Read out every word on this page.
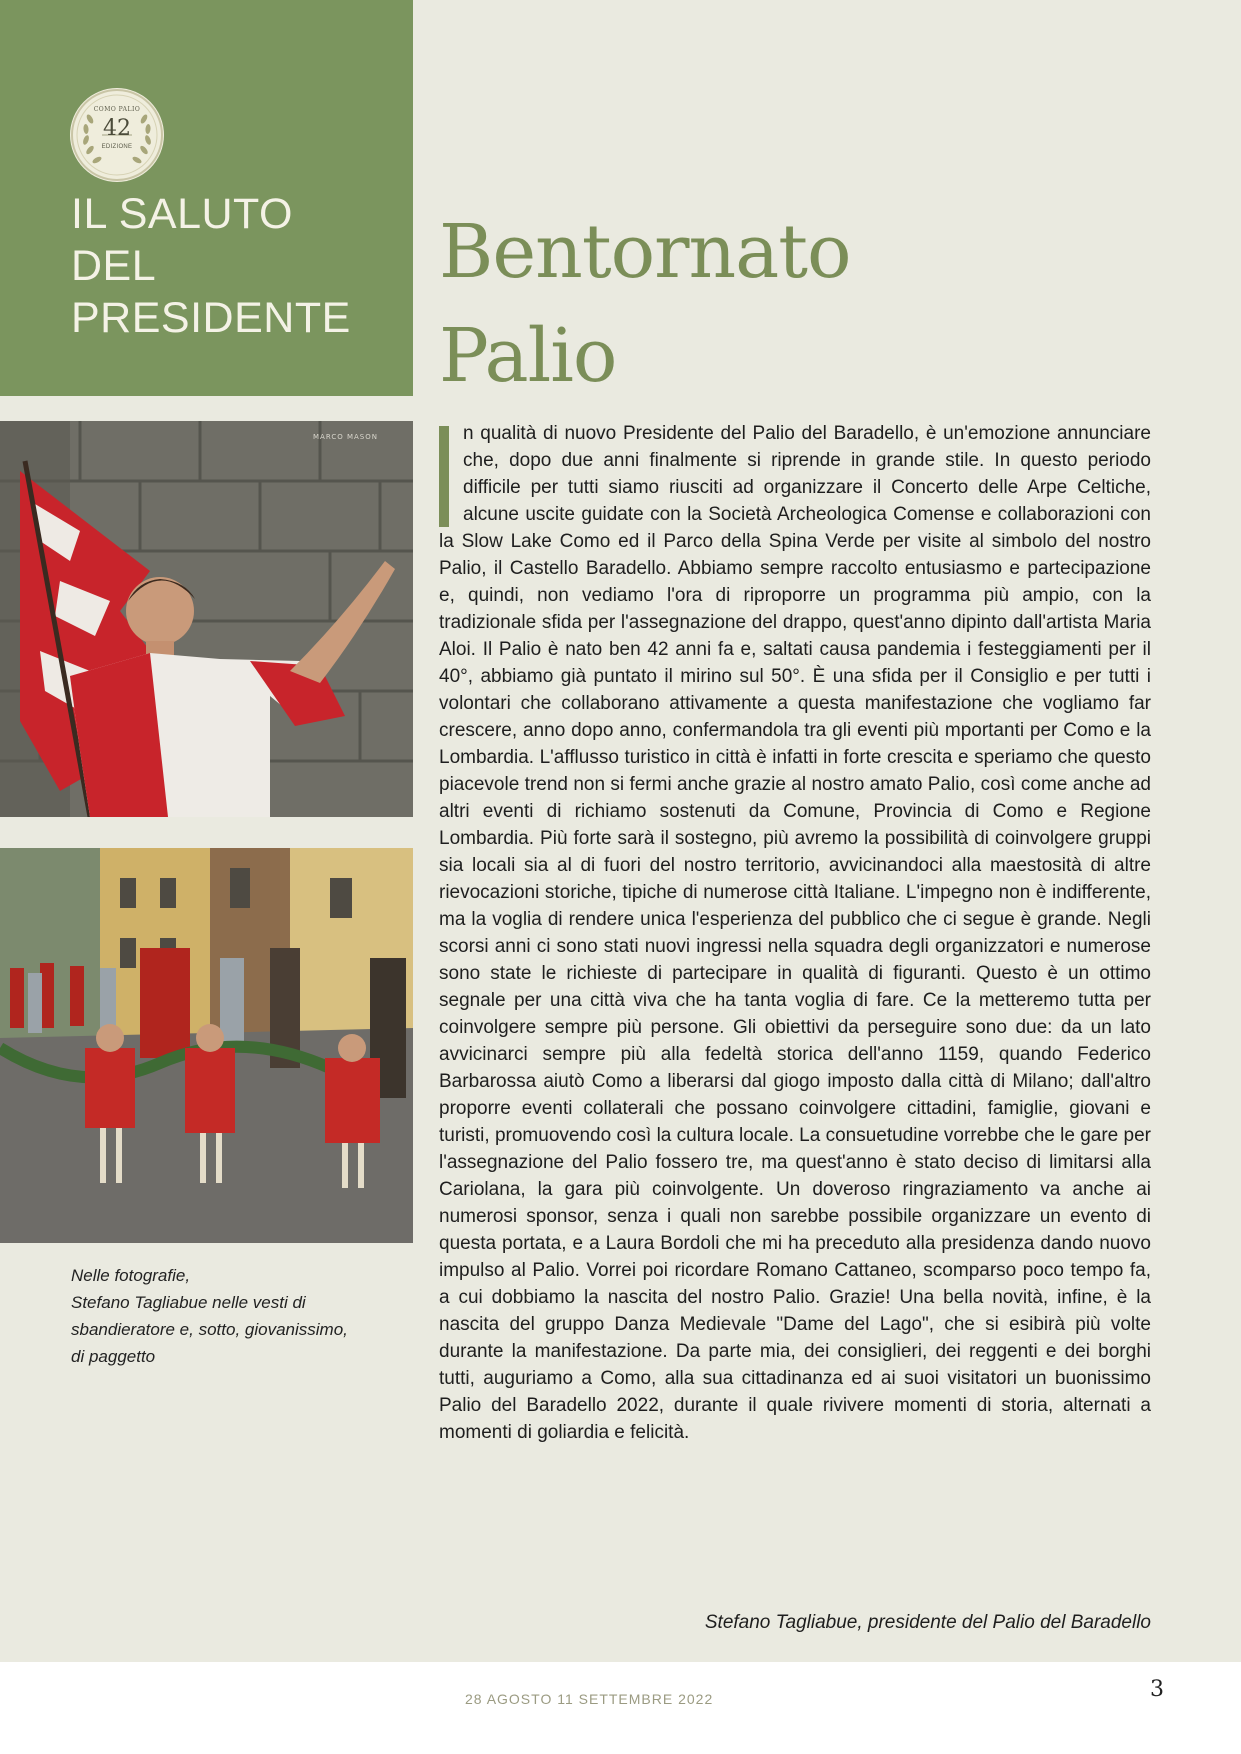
COMO PALIO
42
EDIZIONE
IL SALUTO
DEL
PRESIDENTE
Bentornato
Palio
MARCO MASON
Nelle fotografie,
Stefano Tagliabue nelle vesti di
sbandieratore e, sotto, giovanissimo,
di paggetto
n qualità di nuovo Presidente del Palio del Baradello, è un'emozione annunciare che, dopo due anni finalmente si riprende in grande stile. In questo periodo difficile per tutti siamo riusciti ad organizzare il Concerto delle Arpe Celtiche, alcune uscite guidate con la Società Archeologica Comense e collaborazioni con la Slow Lake Como ed il Parco della Spina Verde per visite al simbolo del nostro Palio, il Castello Baradello. Abbiamo sempre raccolto entusiasmo e partecipazione e, quindi, non vediamo l'ora di riproporre un programma più ampio, con la tradizionale sfida per l'assegnazione del drappo, quest'anno dipinto dall'artista Maria Aloi. Il Palio è nato ben 42 anni fa e, saltati causa pandemia i festeggiamenti per il 40°, abbiamo già puntato il mirino sul 50°. È una sfida per il Consiglio e per tutti i volontari che collaborano attivamente a questa manifestazione che vogliamo far crescere, anno dopo anno, confermandola tra gli eventi più mportanti per Como e la Lombardia. L'afflusso turistico in città è infatti in forte crescita e speriamo che questo piacevole trend non si fermi anche grazie al nostro amato Palio, così come anche ad altri eventi di richiamo sostenuti da Comune, Provincia di Como e Regione Lombardia. Più forte sarà il sostegno, più avremo la possibilità di coinvolgere gruppi sia locali sia al di fuori del nostro territorio, avvicinandoci alla maestosità di altre rievocazioni storiche, tipiche di numerose città Italiane. L'impegno non è indifferente, ma la voglia di rendere unica l'esperienza del pubblico che ci segue è grande. Negli scorsi anni ci sono stati nuovi ingressi nella squadra degli organizzatori e numerose sono state le richieste di partecipare in qualità di figuranti. Questo è un ottimo segnale per una città viva che ha tanta voglia di fare. Ce la metteremo tutta per coinvolgere sempre più persone. Gli obiettivi da perseguire sono due: da un lato avvicinarci sempre più alla fedeltà storica dell'anno 1159, quando Federico Barbarossa aiutò Como a liberarsi dal giogo imposto dalla città di Milano; dall'altro proporre eventi collaterali che possano coinvolgere cittadini, famiglie, giovani e turisti, promuovendo così la cultura locale. La consuetudine vorrebbe che le gare per l'assegnazione del Palio fossero tre, ma quest'anno è stato deciso di limitarsi alla Cariolana, la gara più coinvolgente. Un doveroso ringraziamento va anche ai numerosi sponsor, senza i quali non sarebbe possibile organizzare un evento di questa portata, e a Laura Bordoli che mi ha preceduto alla presidenza dando nuovo impulso al Palio. Vorrei poi ricordare Romano Cattaneo, scomparso poco tempo fa, a cui dobbiamo la nascita del nostro Palio. Grazie! Una bella novità, infine, è la nascita del gruppo Danza Medievale "Dame del Lago", che si esibirà più volte durante la manifestazione. Da parte mia, dei consiglieri, dei reggenti e dei borghi tutti, auguriamo a Como, alla sua cittadinanza ed ai suoi visitatori un buonissimo Palio del Baradello 2022, durante il quale rivivere momenti di storia, alternati a momenti di goliardia e felicità.
Stefano Tagliabue, presidente del Palio del Baradello
28 AGOSTO 11 SETTEMBRE 2022	3
